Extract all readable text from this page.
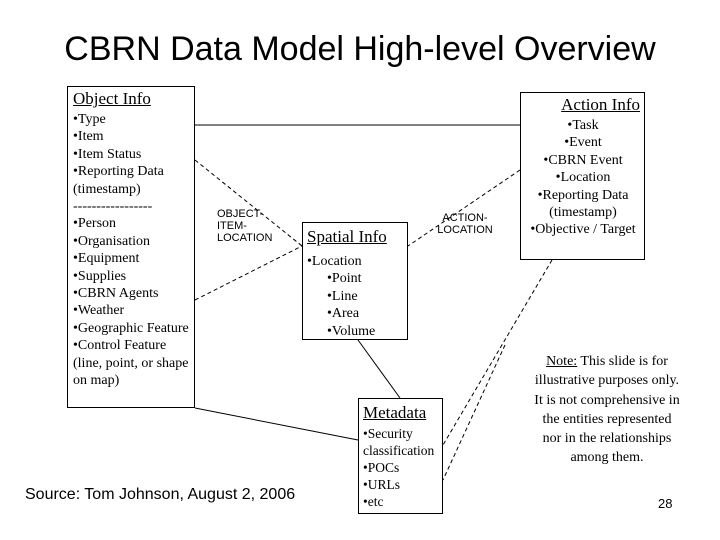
CBRN Data Model High-level Overview
Object Info
• Type
• Item
• Item Status
• Reporting Data (timestamp)
-----------------
• Person
• Organisation
• Equipment
• Supplies
• CBRN Agents
• Weather
• Geographic Feature
• Control Feature (line, point, or shape on map)
Action Info
• Task
• Event
• CBRN Event
• Location
• Reporting Data (timestamp)
• Objective / Target
Spatial Info
• Location
• Point
• Line
• Area
• Volume
Metadata
• Security classification
• POCs
• URLs
• etc
OBJECT-ITEM-LOCATION
ACTION-LOCATION
Note: This slide is for illustrative purposes only. It is not comprehensive in the entities represented nor in the relationships among them.
Source: Tom Johnson, August 2, 2006
28
